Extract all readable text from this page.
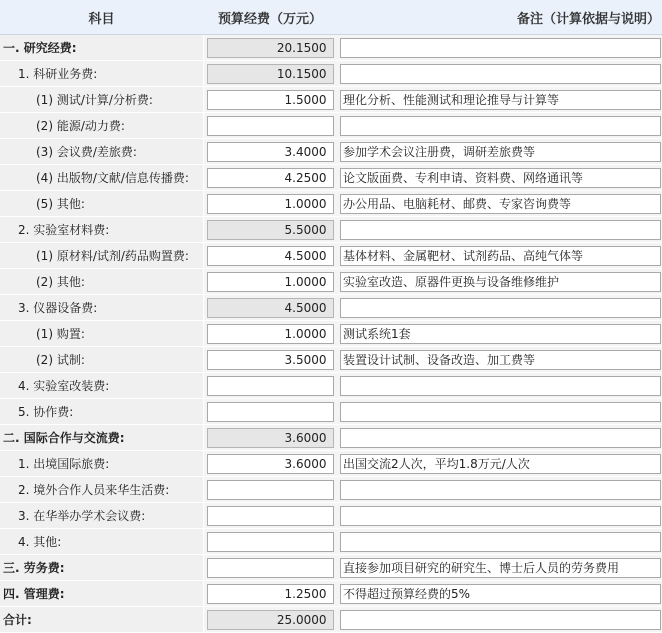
科目	预算经费（万元）	备注（计算依据与说明）
一. 研究经费:	20.1500	

1. 科研业务费:	10.1500	

(1) 测试/计算/分析费:	1.5000	理化分析、性能测试和理论推导与计算等

(2) 能源/动力费:	

(3) 会议费/差旅费:	3.4000	参加学术会议注册费，调研差旅费等

(4) 出版物/文献/信息传播费:	4.2500	论文版面费、专利申请、资料费、网络通讯等

(5) 其他:	1.0000	办公用品、电脑耗材、邮费、专家咨询费等

2. 实验室材料费:	5.5000	

(1) 原材料/试剂/药品购置费:	4.5000	基体材料、金属靶材、试剂药品、高纯气体等

(2) 其他:	1.0000	实验室改造、原器件更换与设备维修维护

3. 仪器设备费:	4.5000	

(1) 购置:	1.0000	测试系统1套

(2) 试制:	3.5000	装置设计试制、设备改造、加工费等

4. 实验室改装费:	

5. 协作费:	

二. 国际合作与交流费:	3.6000	

1. 出境国际旅费:	3.6000	出国交流2人次，平均1.8万元/人次

2. 境外合作人员来华生活费:	

3. 在华举办学术会议费:	

4. 其他:	

三. 劳务费:		直接参加项目研究的研究生、博士后人员的劳务费用

四. 管理费:	1.2500	不得超过预算经费的5%

合计:	25.0000	
